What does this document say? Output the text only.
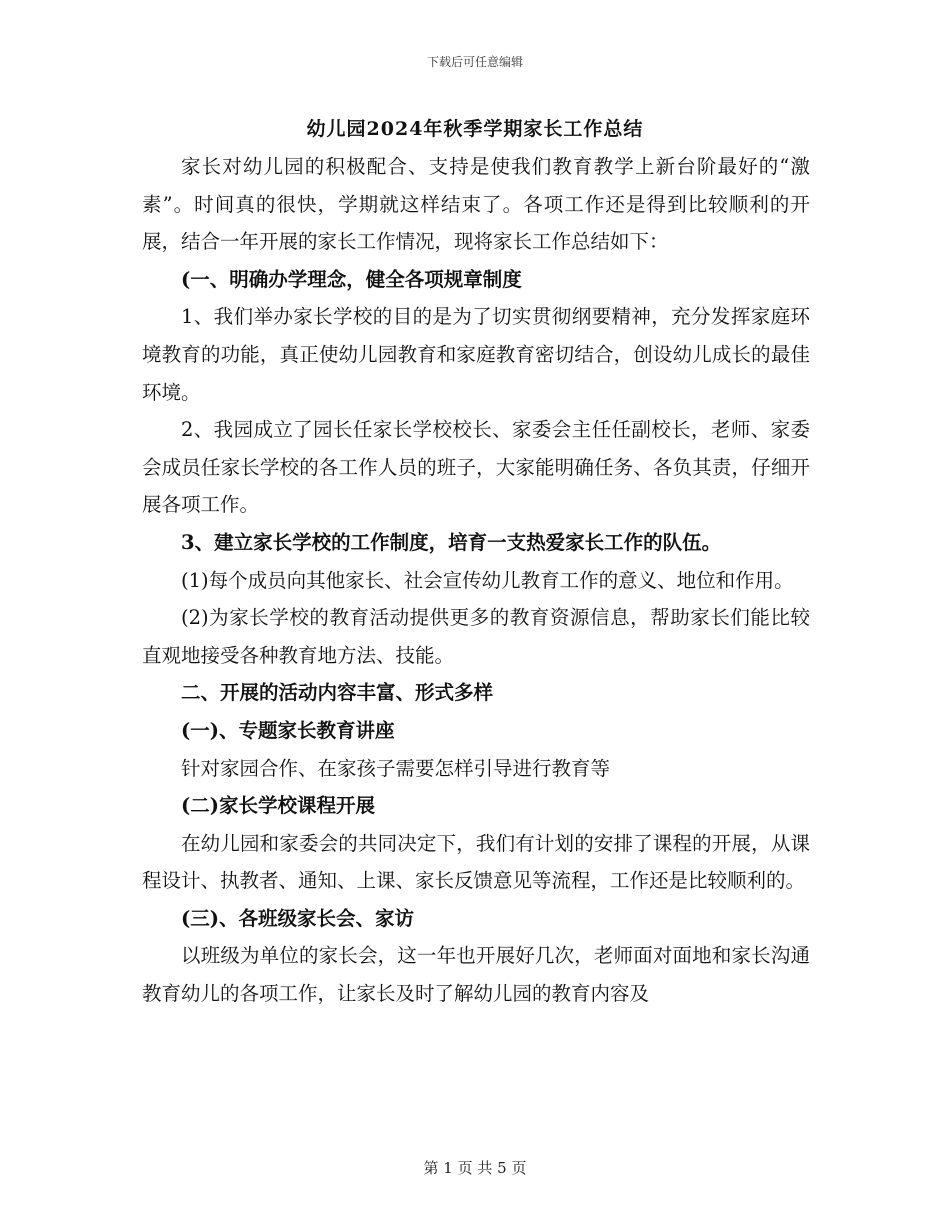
下载后可任意编辑
幼儿园2024年秋季学期家长工作总结

家长对幼儿园的积极配合、支持是使我们教育教学上新台阶最好的“激素”。时间真的很快，学期就这样结束了。各项工作还是得到比较顺利的开展，结合一年开展的家长工作情况，现将家长工作总结如下：

(一、明确办学理念，健全各项规章制度

1、我们举办家长学校的目的是为了切实贯彻纲要精神，充分发挥家庭环境教育的功能，真正使幼儿园教育和家庭教育密切结合，创设幼儿成长的最佳环境。

2、我园成立了园长任家长学校校长、家委会主任任副校长，老师、家委会成员任家长学校的各工作人员的班子，大家能明确任务、各负其责，仔细开展各项工作。

3、建立家长学校的工作制度，培育一支热爱家长工作的队伍。

(1)每个成员向其他家长、社会宣传幼儿教育工作的意义、地位和作用。

(2)为家长学校的教育活动提供更多的教育资源信息，帮助家长们能比较直观地接受各种教育地方法、技能。

二、开展的活动内容丰富、形式多样

(一)、专题家长教育讲座

针对家园合作、在家孩子需要怎样引导进行教育等

(二)家长学校课程开展

在幼儿园和家委会的共同决定下，我们有计划的安排了课程的开展，从课程设计、执教者、通知、上课、家长反馈意见等流程，工作还是比较顺利的。

(三)、各班级家长会、家访

以班级为单位的家长会，这一年也开展好几次，老师面对面地和家长沟通教育幼儿的各项工作，让家长及时了解幼儿园的教育内容及

第 1 页 共 5 页
